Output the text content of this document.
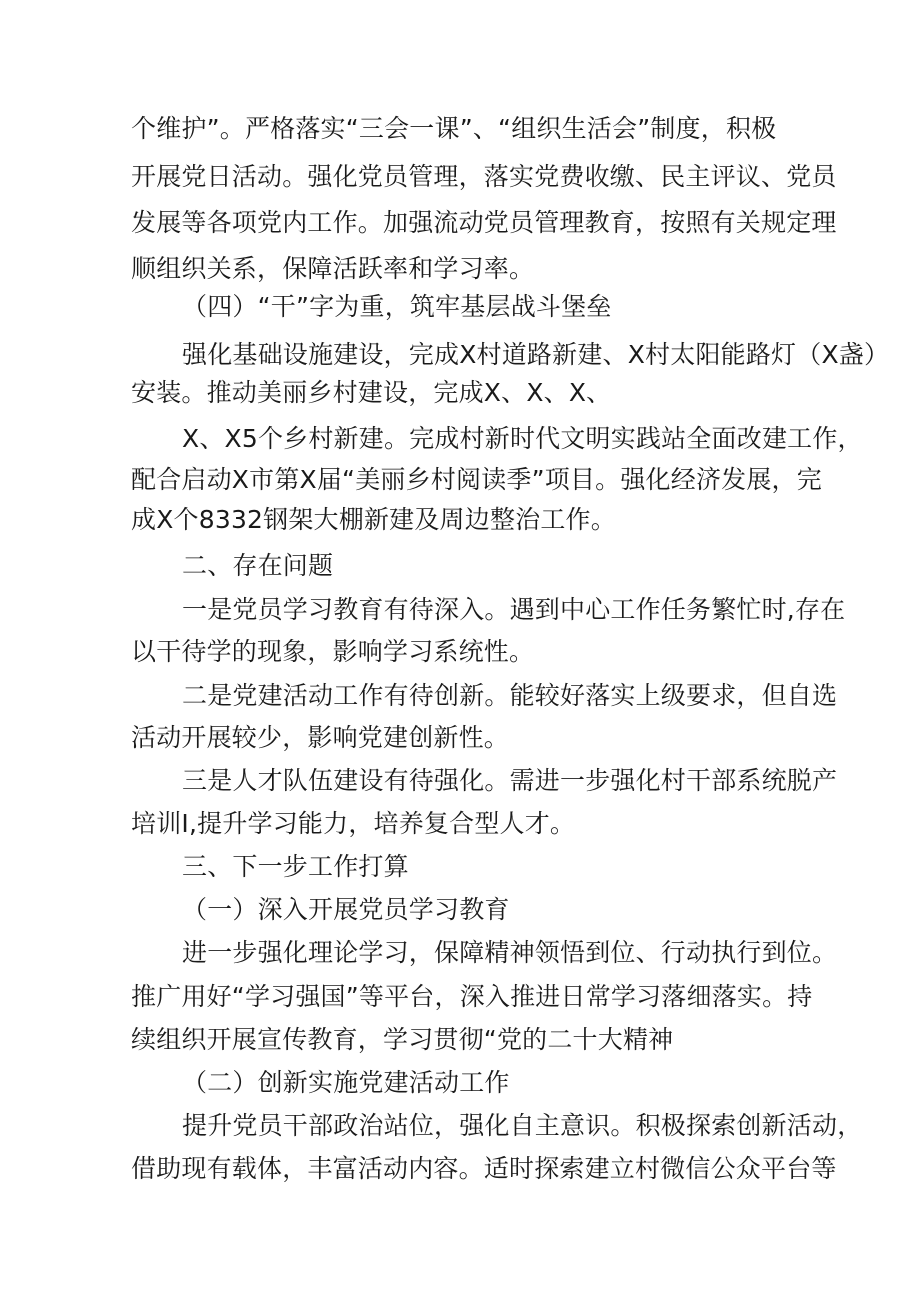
个维护”。严格落实“三会一课”、“组织生活会”制度，积极
开展党日活动。强化党员管理，落实党费收缴、民主评议、党员
发展等各项党内工作。加强流动党员管理教育，按照有关规定理
顺组织关系，保障活跃率和学习率。
（四）“干”字为重，筑牢基层战斗堡垒
强化基础设施建设，完成X村道路新建、X村太阳能路灯（X盏）
安装。推动美丽乡村建设，完成X、X、X、
X、X5个乡村新建。完成村新时代文明实践站全面改建工作，
配合启动X市第X届“美丽乡村阅读季”项目。强化经济发展，完
成X个8332钢架大棚新建及周边整治工作。
二、存在问题
一是党员学习教育有待深入。遇到中心工作任务繁忙时,存在
以干待学的现象，影响学习系统性。
二是党建活动工作有待创新。能较好落实上级要求，但自选
活动开展较少，影响党建创新性。
三是人才队伍建设有待强化。需进一步强化村干部系统脱产
培训I,提升学习能力，培养复合型人才。
三、下一步工作打算
（一）深入开展党员学习教育
进一步强化理论学习，保障精神领悟到位、行动执行到位。
推广用好“学习强国”等平台，深入推进日常学习落细落实。持
续组织开展宣传教育，学习贯彻“党的二十大精神
（二）创新实施党建活动工作
提升党员干部政治站位，强化自主意识。积极探索创新活动，
借助现有载体，丰富活动内容。适时探索建立村微信公众平台等
